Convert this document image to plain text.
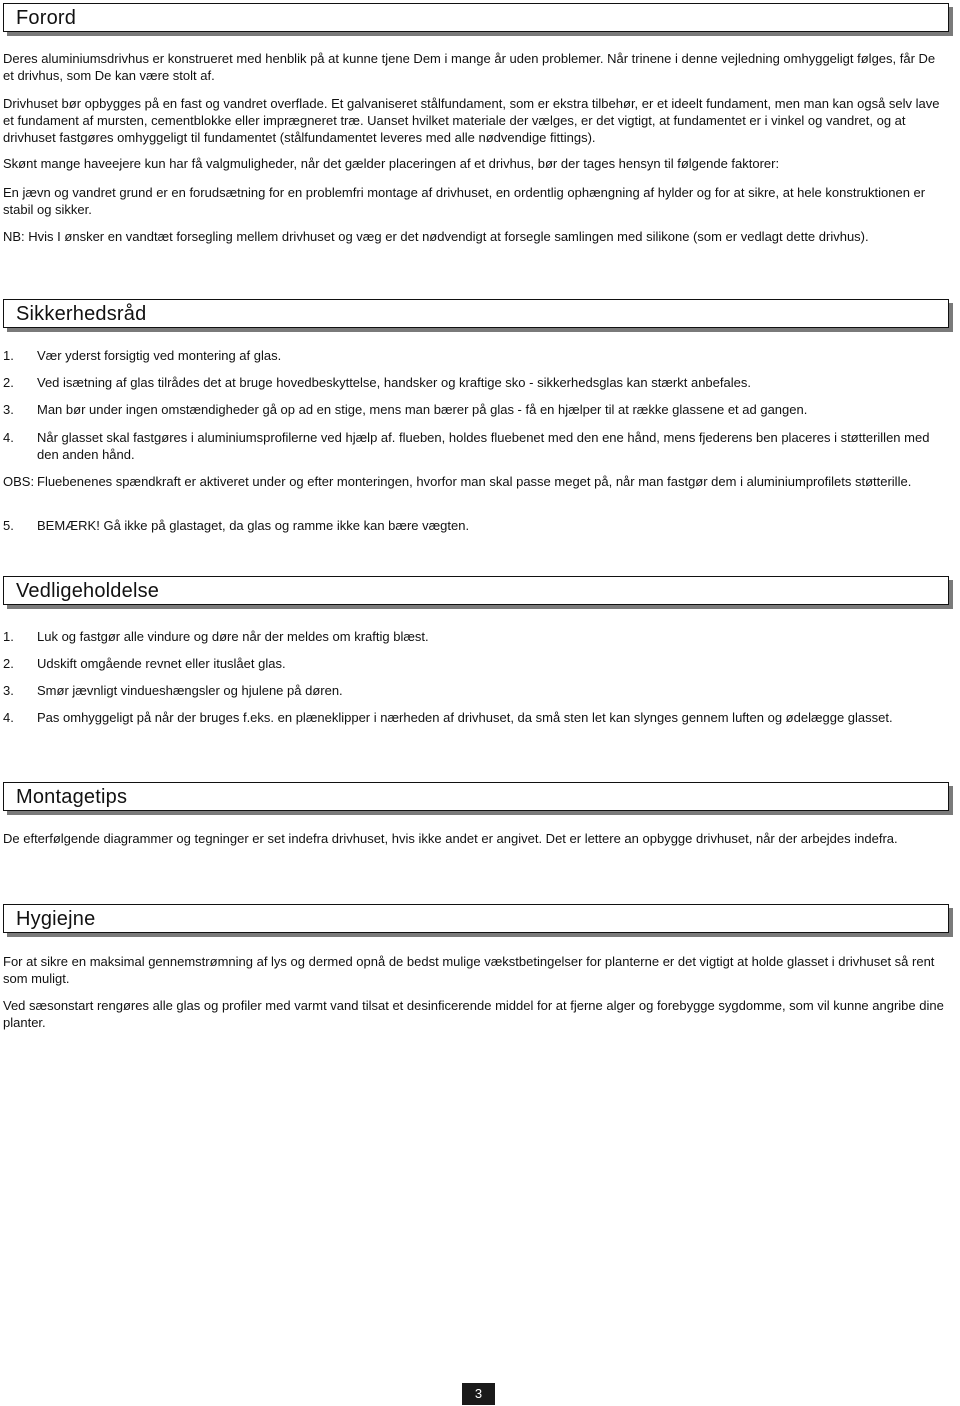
Forord

Deres aluminiumsdrivhus er konstrueret med henblik på at kunne tjene Dem i mange år uden problemer. Når trinene i denne vejledning omhyggeligt følges, får De et drivhus, som De kan være stolt af.

Drivhuset bør opbygges på en fast og vandret overflade. Et galvaniseret stålfundament, som er ekstra tilbehør, er et ideelt fundament, men man kan også selv lave et fundament af mursten, cementblokke eller imprægneret træ. Uanset hvilket materiale der vælges, er det vigtigt, at fundamentet er i vinkel og vandret, og at drivhuset fastgøres omhyggeligt til fundamentet (stålfundamentet leveres med alle nødvendige fittings).

Skønt mange haveejere kun har få valgmuligheder, når det gælder placeringen af et drivhus, bør der tages hensyn til følgende faktorer:

En jævn og vandret grund er en forudsætning for en problemfri montage af drivhuset, en ordentlig ophængning af hylder og for at sikre, at hele konstruktionen er stabil og sikker.

NB: Hvis I ønsker en vandtæt forsegling mellem drivhuset og væg er det nødvendigt at forsegle samlingen med silikone (som er vedlagt dette drivhus).

Sikkerhedsråd
1.	Vær yderst forsigtig ved montering af glas.
2.	Ved isætning af glas tilrådes det at bruge hovedbeskyttelse, handsker og kraftige sko - sikkerhedsglas kan stærkt anbefales.
3.	Man bør under ingen omstændigheder gå op ad en stige, mens man bærer på glas - få en hjælper til at række glassene et ad gangen.
4.	Når glasset skal fastgøres i aluminiumsprofilerne ved hjælp af. flueben, holdes fluebenet med den ene hånd, mens fjederens ben placeres i støtterillen med den anden hånd.
OBS: Fluebenenes spændkraft er aktiveret under og efter monteringen, hvorfor man skal passe meget på, når man fastgør dem i aluminiumprofilets støtterille.
5.	BEMÆRK! Gå ikke på glastaget, da glas og ramme ikke kan bære vægten.
Vedligeholdelse
1.	Luk og fastgør alle vindure og døre når der meldes om kraftig blæst.
2.	Udskift omgående revnet eller ituslået glas.
3.	Smør jævnligt vindueshængsler og hjulene på døren.
4.	Pas omhyggeligt på når der bruges f.eks. en plæneklipper i nærheden af drivhuset, da små sten let kan slynges gennem luften og ødelægge glasset.
Montagetips

De efterfølgende diagrammer og tegninger er set indefra drivhuset, hvis ikke andet er angivet. Det er lettere an opbygge drivhuset, når der arbejdes indefra.

Hygiejne

For at sikre en maksimal gennemstrømning af lys og dermed opnå de bedst mulige vækstbetingelser for planterne er det vigtigt at holde glasset i drivhuset så rent som muligt.

Ved sæsonstart rengøres alle glas og profiler med varmt vand tilsat et desinficerende middel for at fjerne alger og forebygge sygdomme, som vil kunne angribe dine planter.

3
